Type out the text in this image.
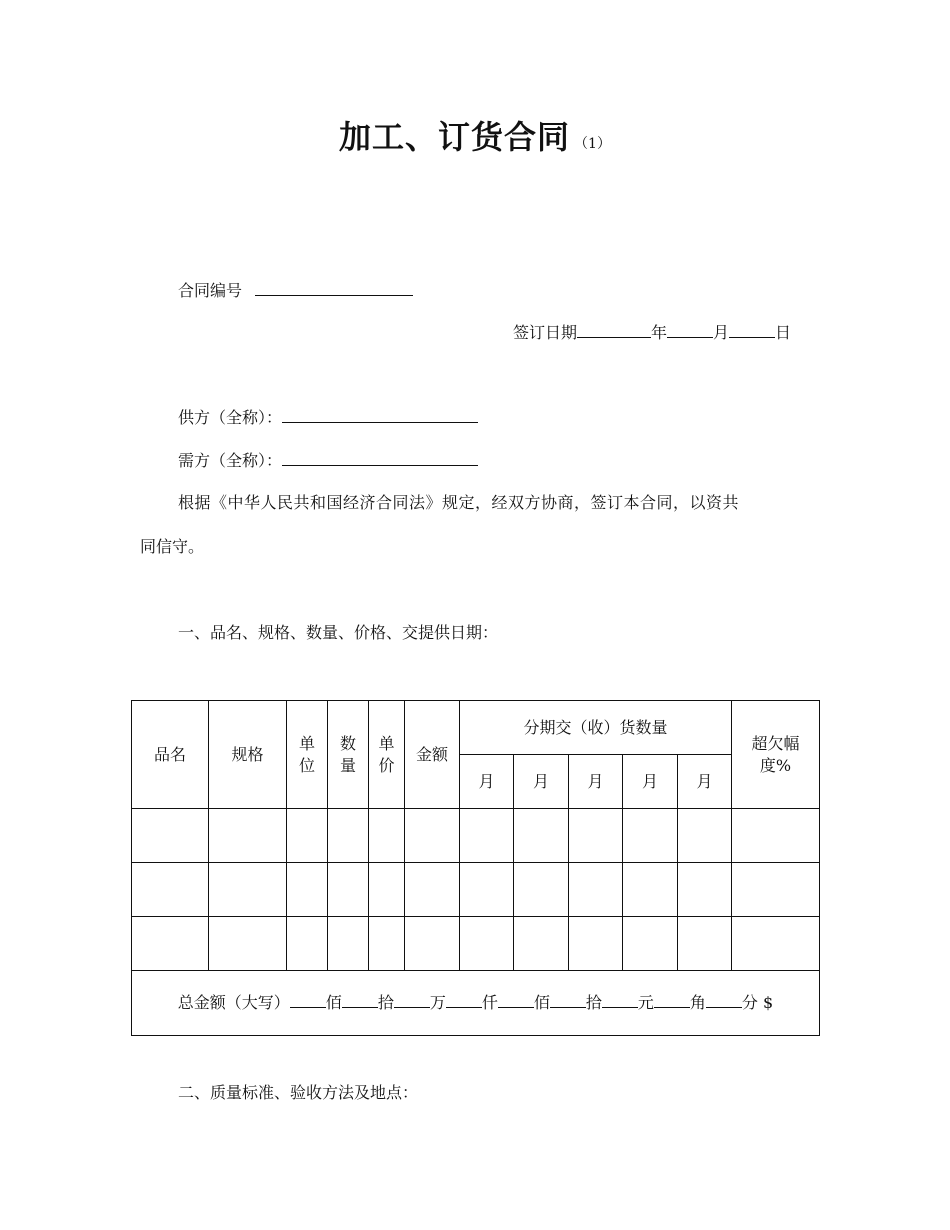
加工、订货合同 （1）
合同编号
签订日期	年	月	日
供方（全称）：
需方（全称）：
根据《中华人民共和国经济合同法》规定，经双方协商，签订本合同，以资共
同信守。
一、品名、规格、数量、价格、交提供日期：
品名	规格	单位	数量	单价	金额	分期交（收）货数量					超欠幅度%
						月	月	月	月	月	

总金额（大写） 佰 拾 万 仟 佰 拾 元 角 分 $											
二、质量标准、验收方法及地点：
